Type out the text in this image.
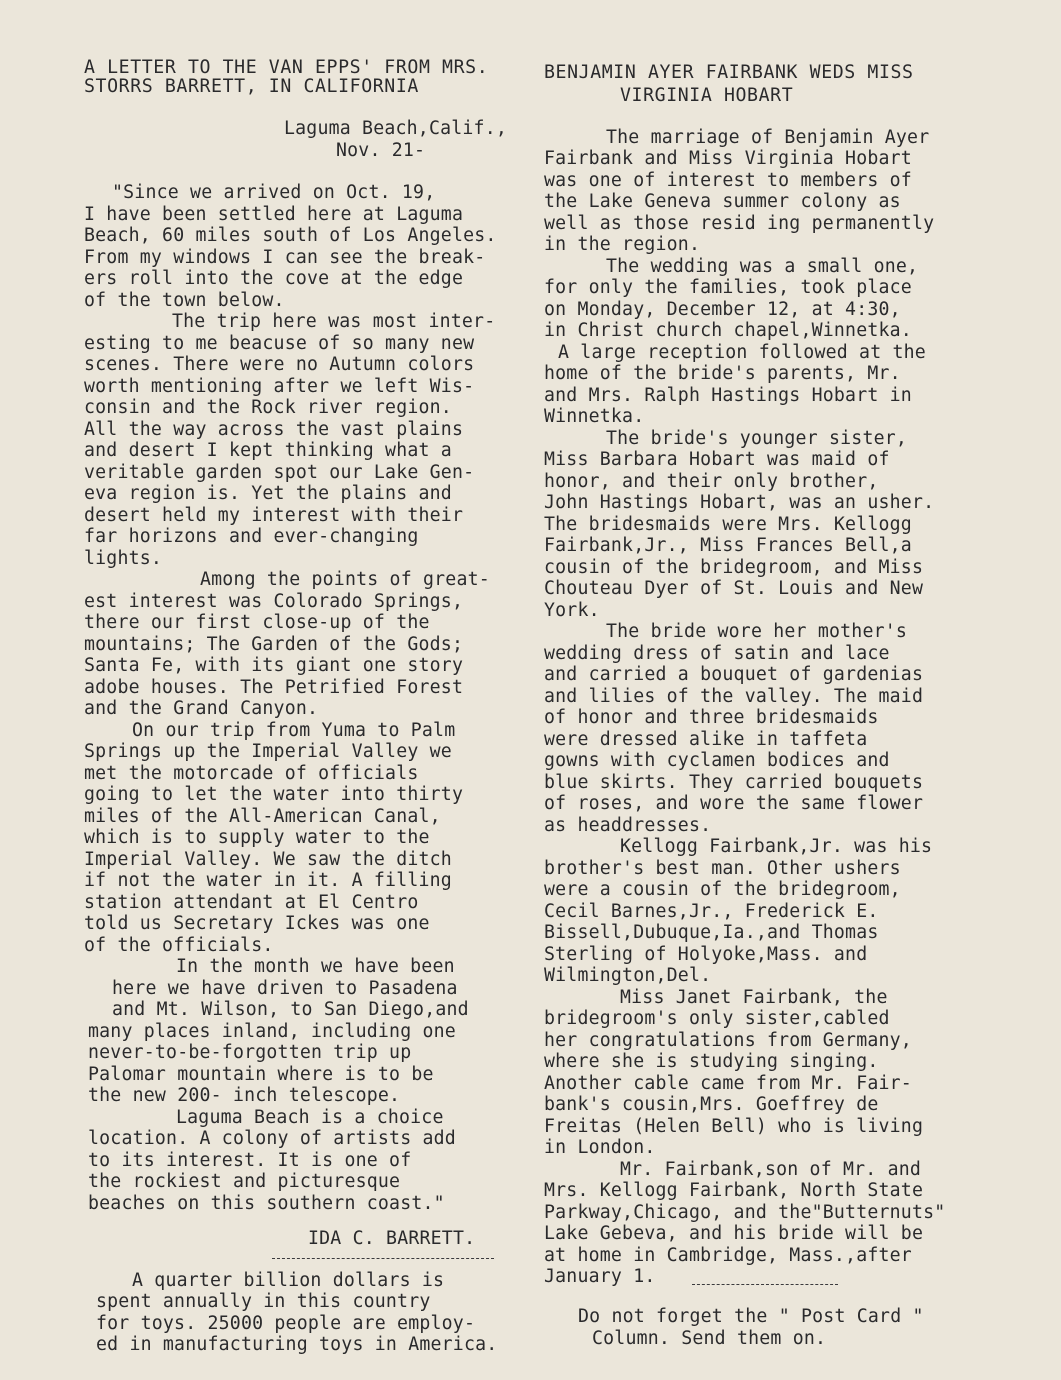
A LETTER TO THE VAN EPPS' FROM MRS.

STORRS BARRETT, IN CALIFORNIA

Laguma Beach,Calif.,

Nov. 21-

"Since we arrived on Oct. 19,

I have been settled here at Laguma

Beach, 60 miles south of Los Angeles.

From my windows I can see the break-

ers roll into the cove at the edge

of the town below.

The trip here was most inter-

esting to me beacuse of so many new

scenes. There were no Autumn colors

worth mentioning after we left Wis-

consin and the Rock river region.

All the way across the vast plains

and desert I kept thinking what a

veritable garden spot our Lake Gen-

eva region is. Yet the plains and

desert held my interest with their

far horizons and ever-changing

lights.

Among the points of great-

est interest was Colorado Springs,

there our first close-up of the

mountains; The Garden of the Gods;

Santa Fe, with its giant one story

adobe houses. The Petrified Forest

and the Grand Canyon.

On our trip from Yuma to Palm

Springs up the Imperial Valley we

met the motorcade of officials

going to let the water into thirty

miles of the All-American Canal,

which is to supply water to the

Imperial Valley. We saw the ditch

if not the water in it. A filling

station attendant at El Centro

told us Secretary Ickes was one

of the officials.

In the month we have been

here we have driven to Pasadena

and Mt. Wilson, to San Diego,and

many places inland, including one

never-to-be-forgotten trip up

Palomar mountain where is to be

the new 200- inch telescope.

Laguma Beach is a choice

location. A colony of artists add

to its interest. It is one of

the rockiest and picturesque

beaches on this southern coast."

IDA C. BARRETT.

A quarter billion dollars is

spent annually in this country

for toys. 25000 people are employ-

ed in manufacturing toys in America.

BENJAMIN AYER FAIRBANK WEDS MISS

VIRGINIA HOBART

The marriage of Benjamin Ayer

Fairbank and Miss Virginia Hobart

was one of interest to members of

the Lake Geneva summer colony as

well as those resid ing permanently

in the region.

The wedding was a small one,

for only the families, took place

on Monday, December 12, at 4:30,

in Christ church chapel,Winnetka.

A large reception followed at the

home of the bride's parents, Mr.

and Mrs. Ralph Hastings Hobart in

Winnetka.

The bride's younger sister,

Miss Barbara Hobart was maid of

honor, and their only brother,

John Hastings Hobart, was an usher.

The bridesmaids were Mrs. Kellogg

Fairbank,Jr., Miss Frances Bell,a

cousin of the bridegroom, and Miss

Chouteau Dyer of St. Louis and New

York.

The bride wore her mother's

wedding dress of satin and lace

and carried a bouquet of gardenias

and lilies of the valley. The maid

of honor and three bridesmaids

were dressed alike in taffeta

gowns with cyclamen bodices and

blue skirts. They carried bouquets

of roses, and wore the same flower

as headdresses.

Kellogg Fairbank,Jr. was his

brother's best man. Other ushers

were a cousin of the bridegroom,

Cecil Barnes,Jr., Frederick E.

Bissell,Dubuque,Ia.,and Thomas

Sterling of Holyoke,Mass. and

Wilmington,Del.

Miss Janet Fairbank, the

bridegroom's only sister,cabled

her congratulations from Germany,

where she is studying singing.

Another cable came from Mr. Fair-

bank's cousin,Mrs. Goeffrey de

Freitas (Helen Bell) who is living

in London.

Mr. Fairbank,son of Mr. and

Mrs. Kellogg Fairbank, North State

Parkway,Chicago, and the"Butternuts"

Lake Gebeva, and his bride will be

at home in Cambridge, Mass.,after

January 1.

Do not forget the " Post Card "

Column. Send them on.
